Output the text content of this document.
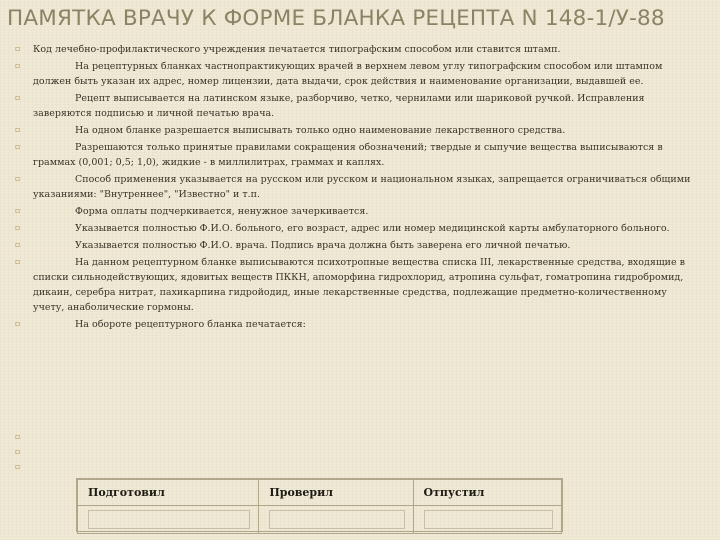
ПАМЯТКА ВРАЧУ К ФОРМЕ БЛАНКА РЕЦЕПТА N 148-1/У-88
▫ Код лечебно-профилактического учреждения печатается типографским способом или ставится штамп.
▫	На рецептурных бланках частнопрактикующих врачей в верхнем левом углу типографским способом или штампом должен быть указан их адрес, номер лицензии, дата выдачи, срок действия и наименование организации, выдавшей ее.
▫	Рецепт выписывается на латинском языке, разборчиво, четко, чернилами или шариковой ручкой. Исправления заверяются подписью и личной печатью врача.
▫	На одном бланке разрешается выписывать только одно наименование лекарственного средства.
▫	Разрешаются только принятые правилами сокращения обозначений; твердые и сыпучие вещества выписываются в граммах (0,001; 0,5; 1,0), жидкие - в миллилитрах, граммах и каплях.
▫	Способ применения указывается на русском или русском и национальном языках, запрещается ограничиваться общими указаниями: "Внутреннее", "Известно" и т.п.
▫	Форма оплаты подчеркивается, ненужное зачеркивается.
▫	Указывается полностью Ф.И.О. больного, его возраст, адрес или номер медицинской карты амбулаторного больного.
▫	Указывается полностью Ф.И.О. врача. Подпись врача должна быть заверена его личной печатью.
▫	На данном рецептурном бланке выписываются психотропные вещества списка III, лекарственные средства, входящие в списки сильнодействующих, ядовитых веществ ПККН, апоморфина гидрохлорид, атропина сульфат, гоматропина гидробромид, дикаин, серебра нитрат, пахикарпина гидройодид, иные лекарственные средства, подлежащие предметно-количественному учету, анаболические гормоны.
▫	На обороте рецептурного бланка печатается:
▫
▫
▫
Подготовил	Проверил	Отпустил
